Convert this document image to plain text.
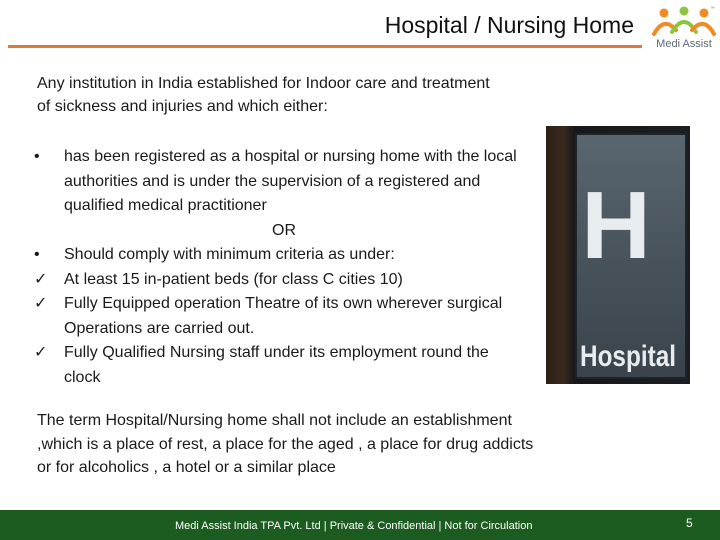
Hospital / Nursing Home
™
Medi Assist

Any institution in India established for Indoor care and treatment of sickness and injuries and which either:

•	has been registered as a hospital or nursing home with the local authorities and is under the supervision of a registered and qualified medical practitioner
OR
•	Should comply with minimum criteria as under:
✓	At least 15 in-patient beds (for class C cities 10)
✓	Fully Equipped operation Theatre of its own wherever surgical Operations are carried out.
✓	Fully Qualified Nursing staff under its employment round the clock
H
Hospital

The term Hospital/Nursing home shall not include an establishment ,which is a place of rest, a place for the aged , a place for drug addicts or for alcoholics , a hotel or a similar place

Medi Assist India TPA Pvt. Ltd | Private & Confidential | Not for Circulation	5
